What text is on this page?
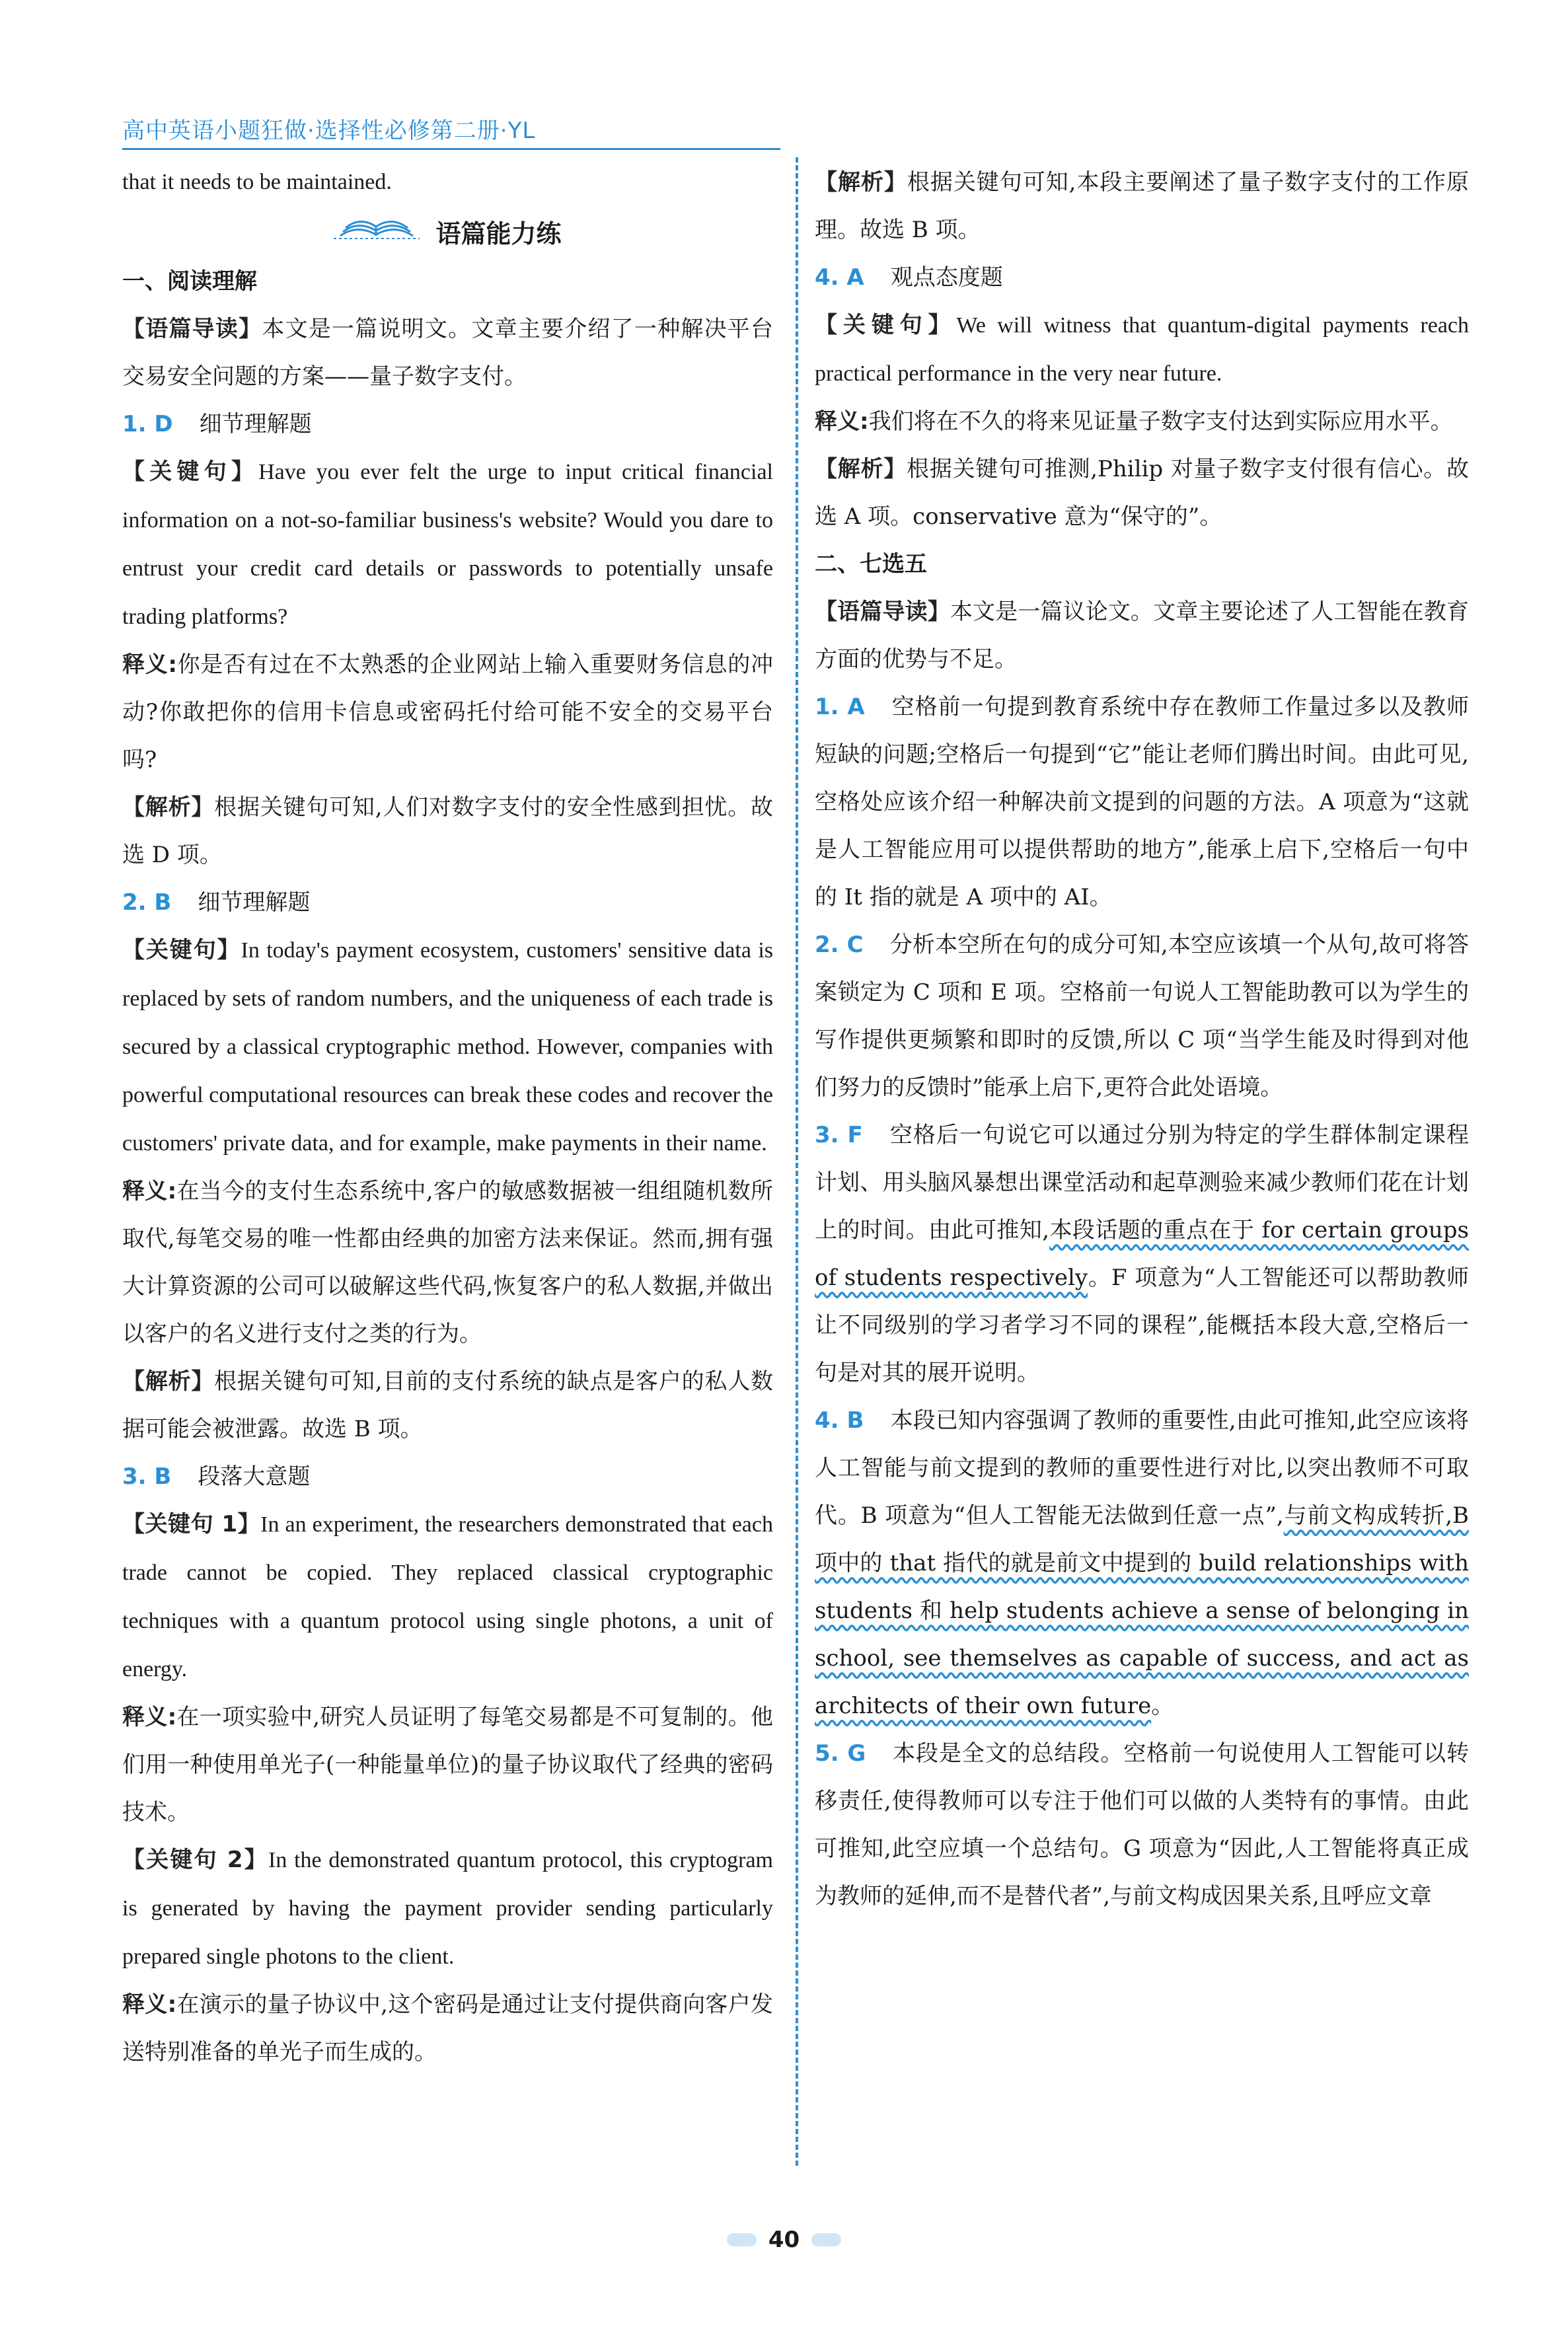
高中英语小题狂做·选择性必修第二册·YL

that it needs to be maintained.

语篇能力练

一、阅读理解

【语篇导读】本文是一篇说明文。文章主要介绍了一种解决平台交易安全问题的方案——量子数字支付。

1. D 细节理解题

【关键句】Have you ever felt the urge to input critical financial information on a not-so-familiar business's website? Would you dare to entrust your credit card details or passwords to potentially unsafe trading platforms?

释义:你是否有过在不太熟悉的企业网站上输入重要财务信息的冲动?你敢把你的信用卡信息或密码托付给可能不安全的交易平台吗?

【解析】根据关键句可知,人们对数字支付的安全性感到担忧。故选 D 项。

2. B 细节理解题

【关键句】In today's payment ecosystem, customers' sensitive data is replaced by sets of random numbers, and the uniqueness of each trade is secured by a classical cryptographic method. However, companies with powerful computational resources can break these codes and recover the customers' private data, and for example, make payments in their name.

释义:在当今的支付生态系统中,客户的敏感数据被一组组随机数所取代,每笔交易的唯一性都由经典的加密方法来保证。然而,拥有强大计算资源的公司可以破解这些代码,恢复客户的私人数据,并做出以客户的名义进行支付之类的行为。

【解析】根据关键句可知,目前的支付系统的缺点是客户的私人数据可能会被泄露。故选 B 项。

3. B 段落大意题

【关键句 1】In an experiment, the researchers demonstrated that each trade cannot be copied. They replaced classical cryptographic techniques with a quantum protocol using single photons, a unit of energy.

释义:在一项实验中,研究人员证明了每笔交易都是不可复制的。他们用一种使用单光子(一种能量单位)的量子协议取代了经典的密码技术。

【关键句 2】In the demonstrated quantum protocol, this cryptogram is generated by having the payment provider sending particularly prepared single photons to the client.

释义:在演示的量子协议中,这个密码是通过让支付提供商向客户发送特别准备的单光子而生成的。

【解析】根据关键句可知,本段主要阐述了量子数字支付的工作原理。故选 B 项。

4. A 观点态度题

【关键句】We will witness that quantum-digital payments reach practical performance in the very near future.

释义:我们将在不久的将来见证量子数字支付达到实际应用水平。

【解析】根据关键句可推测,Philip 对量子数字支付很有信心。故选 A 项。conservative 意为“保守的”。

二、七选五

【语篇导读】本文是一篇议论文。文章主要论述了人工智能在教育方面的优势与不足。

1. A 空格前一句提到教育系统中存在教师工作量过多以及教师短缺的问题;空格后一句提到“它”能让老师们腾出时间。由此可见,空格处应该介绍一种解决前文提到的问题的方法。A 项意为“这就是人工智能应用可以提供帮助的地方”,能承上启下,空格后一句中的 It 指的就是 A 项中的 AI。

2. C 分析本空所在句的成分可知,本空应该填一个从句,故可将答案锁定为 C 项和 E 项。空格前一句说人工智能助教可以为学生的写作提供更频繁和即时的反馈,所以 C 项“当学生能及时得到对他们努力的反馈时”能承上启下,更符合此处语境。

3. F 空格后一句说它可以通过分别为特定的学生群体制定课程计划、用头脑风暴想出课堂活动和起草测验来减少教师们花在计划上的时间。由此可推知,本段话题的重点在于 for certain groups of students respectively。F 项意为“人工智能还可以帮助教师让不同级别的学习者学习不同的课程”,能概括本段大意,空格后一句是对其的展开说明。

4. B 本段已知内容强调了教师的重要性,由此可推知,此空应该将人工智能与前文提到的教师的重要性进行对比,以突出教师不可取代。B 项意为“但人工智能无法做到任意一点”,与前文构成转折,B 项中的 that 指代的就是前文中提到的 build relationships with students 和 help students achieve a sense of belonging in school, see themselves as capable of success, and act as architects of their own future。

5. G 本段是全文的总结段。空格前一句说使用人工智能可以转移责任,使得教师可以专注于他们可以做的人类特有的事情。由此可推知,此空应填一个总结句。G 项意为“因此,人工智能将真正成为教师的延伸,而不是替代者”,与前文构成因果关系,且呼应文章

40
